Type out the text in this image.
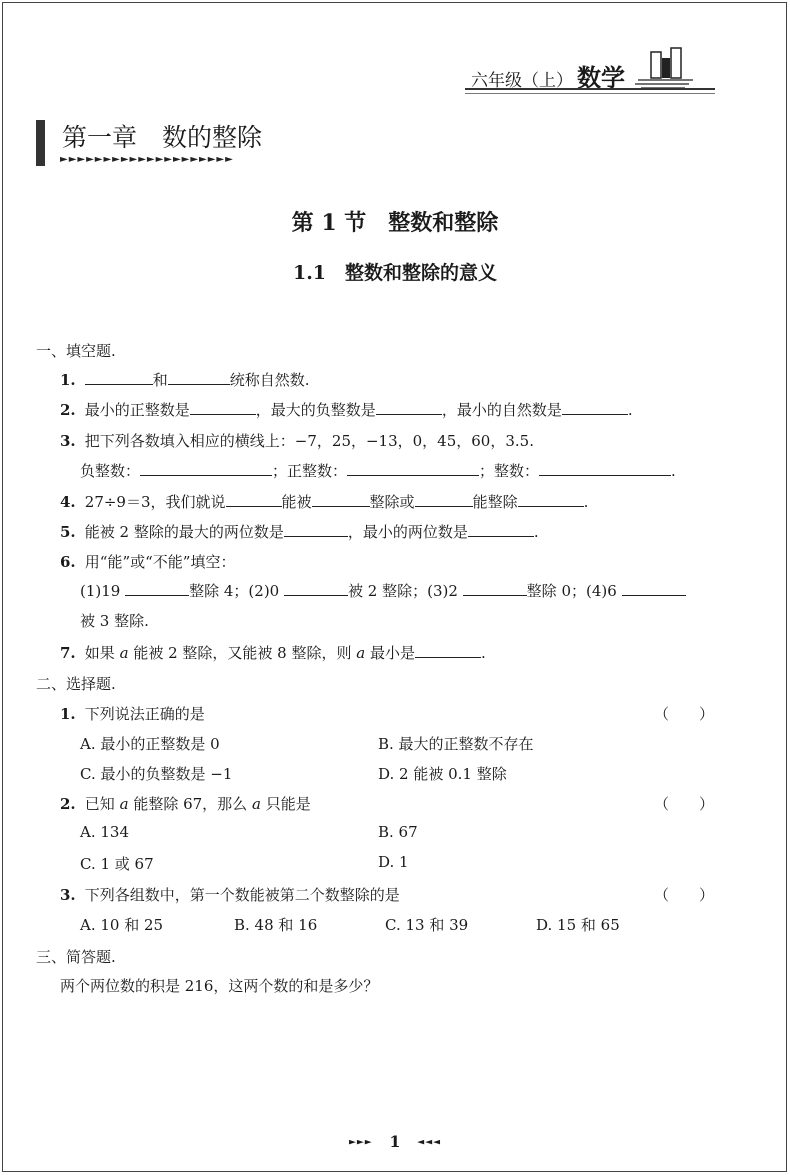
六年级（上） 数学
第一章　数的整除
►►►►►►►►►►►►►►►►►►►►
第 1 节　整数和整除
1.1　整数和整除的意义
一、填空题.
1.	和	统称自然数.
2. 最小的正整数是	，最大的负整数是	，最小的自然数是	.
3. 把下列各数填入相应的横线上：−7，25，−13，0，45，60，3.5.
负整数：	；正整数：	；整数：	.
4. 27÷9＝3，我们就说	能被	整除或	能整除	.
5. 能被 2 整除的最大的两位数是	，最小的两位数是	.
6. 用“能”或“不能”填空：
(1)19	整除 4；(2)0	被 2 整除；(3)2	整除 0；(4)6
被 3 整除.
7. 如果 a 能被 2 整除，又能被 8 整除，则 a 最小是	.
二、选择题.
1. 下列说法正确的是	（　　）
A. 最小的正整数是 0	B. 最大的正整数不存在
C. 最小的负整数是 −1	D. 2 能被 0.1 整除
2. 已知 a 能整除 67，那么 a 只能是	（　　）
A. 134	B. 67
C. 1 或 67	D. 1
3. 下列各组数中，第一个数能被第二个数整除的是	（　　）
A. 10 和 25	B. 48 和 16	C. 13 和 39	D. 15 和 65
三、简答题.
两个两位数的积是 216，这两个数的和是多少？
►►► 1 ◄◄◄
